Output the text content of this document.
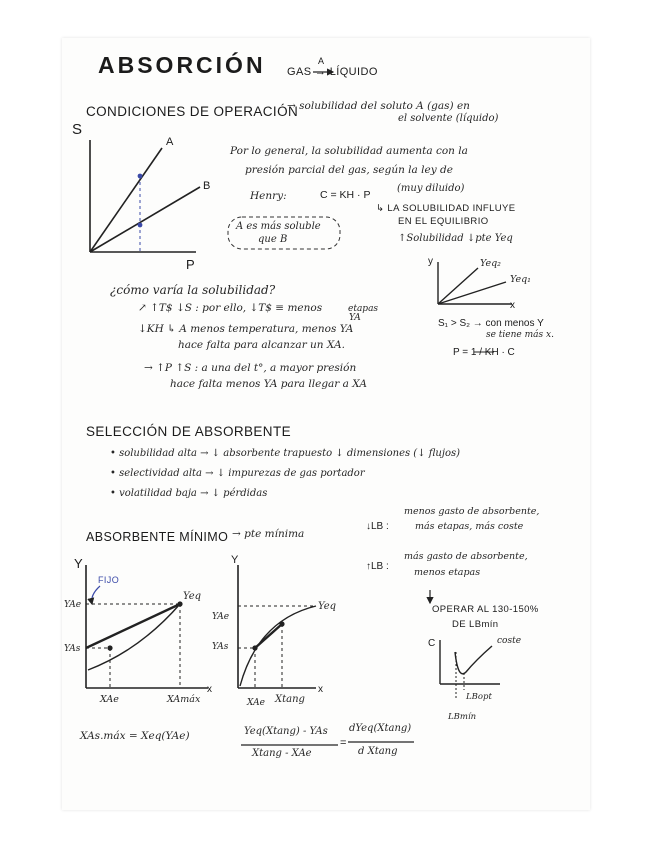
ABSORCIÓN	A
GAS → LÍQUIDO
CONDICIONES DE OPERACIÓN
→ solubilidad del soluto A (gas) en
el solvente (líquido)
S
P
A
B
Por lo general, la solubilidad aumenta con la
presión parcial del gas, según la ley de
Henry:	C = KH · P
(muy diluido)
A es más soluble
que B
↳ LA SOLUBILIDAD INFLUYE
EN EL EQUILIBRIO
↑Solubilidad ↓pte Yeq
y
x
Yeq₂
Yeq₁
S₁ > S₂ → con menos Y
se tiene más x.
P = 1 / KH · C
¿cómo varía la solubilidad?
↗ ↑T$ ↓S : por ello, ↓T$ ≡ menos
YA
etapas
↓KH ↳ A menos temperatura, menos YA
hace falta para alcanzar un XA.
→ ↑P ↑S : a una del t°, a mayor presión
hace falta menos YA para llegar a XA
SELECCIÓN DE ABSORBENTE
• solubilidad alta → ↓ absorbente trapuesto ↓ dimensiones (↓ flujos)
• selectividad alta → ↓ impurezas de gas portador
• volatilidad baja → ↓ pérdidas
ABSORBENTE MÍNIMO → pte mínima
↓LB :
menos gasto de absorbente,
más etapas, más coste
↑LB :
más gasto de absorbente,
menos etapas
OPERAR AL 130-150%
DE LBmín
C	coste
LBopt
LBmín
Y
x
FIJO
YAe
YAs
Yeq
XAe	XAmáx
Y
x
YAe
YAs
Yeq
XAe Xtang
XAs.máx = Xeq(YAe)	Yeq(Xtang) - YAs
Xtang - XAe
=
dYeq(Xtang)
d Xtang
